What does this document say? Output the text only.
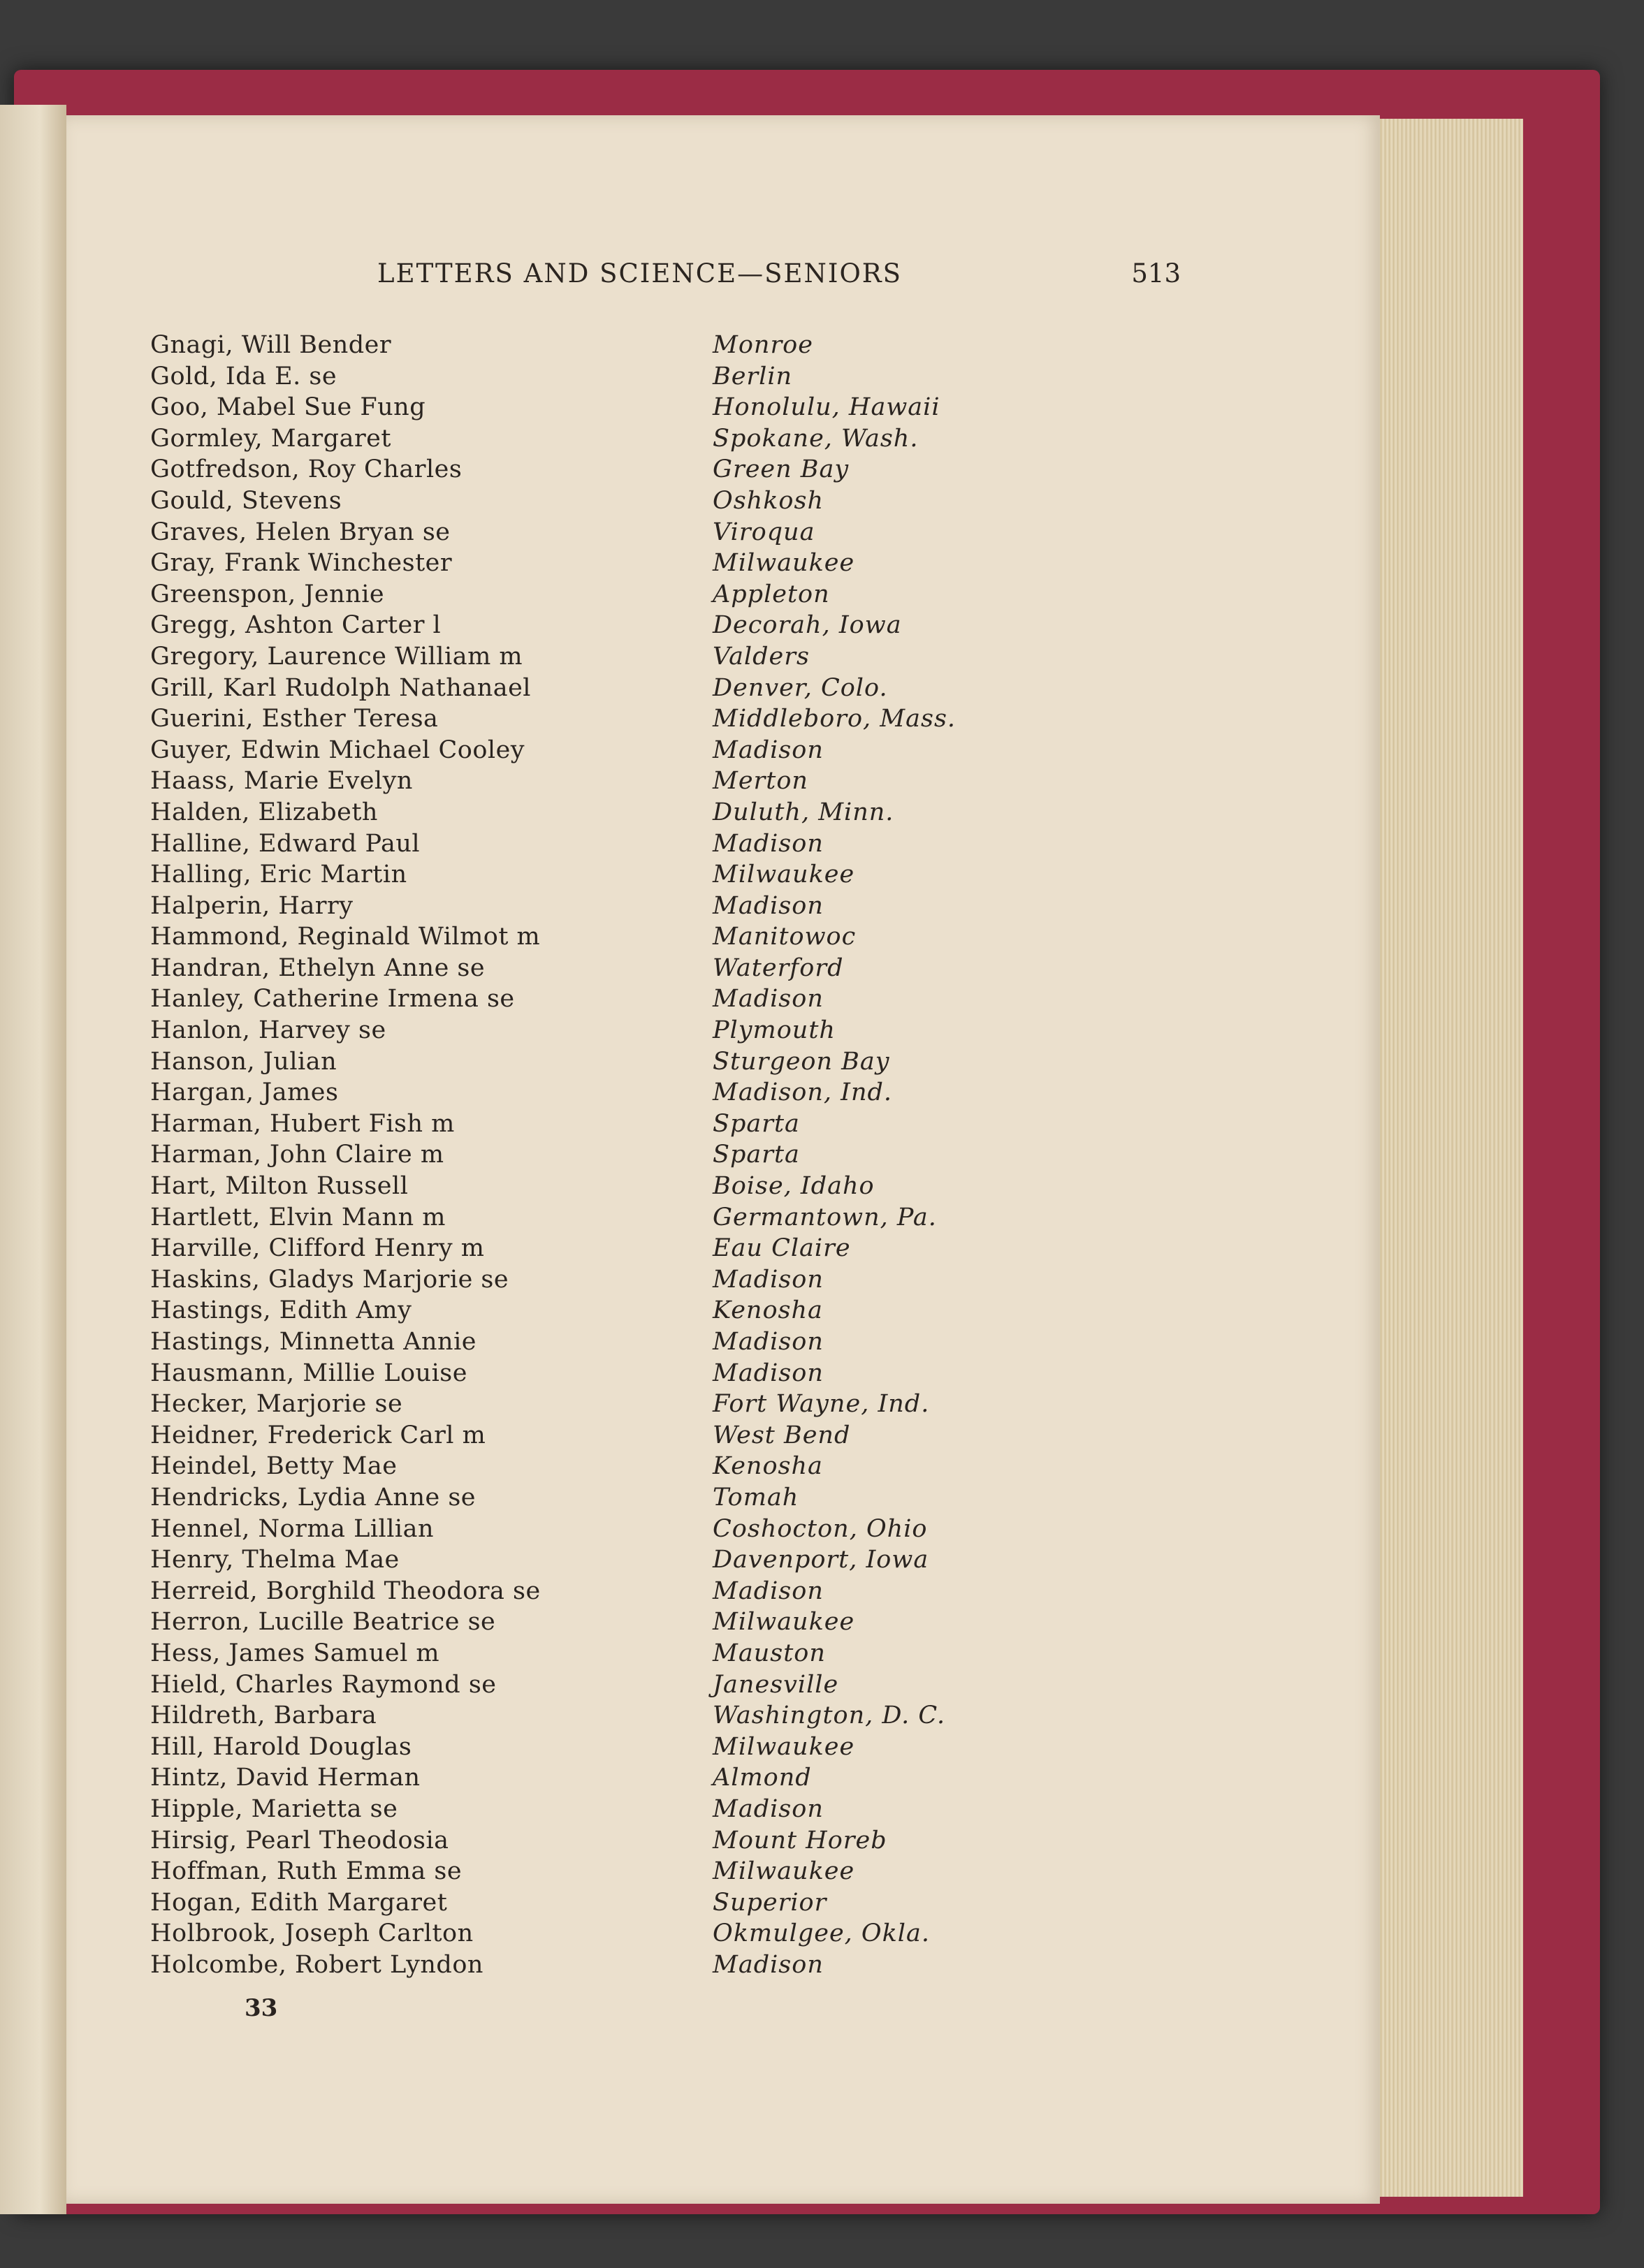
LETTERS AND SCIENCE—SENIORS	513
Gnagi, Will Bender	Monroe
Gold, Ida E. se	Berlin
Goo, Mabel Sue Fung	Honolulu, Hawaii
Gormley, Margaret	Spokane, Wash.
Gotfredson, Roy Charles	Green Bay
Gould, Stevens	Oshkosh
Graves, Helen Bryan se	Viroqua
Gray, Frank Winchester	Milwaukee
Greenspon, Jennie	Appleton
Gregg, Ashton Carter l	Decorah, Iowa
Gregory, Laurence William m	Valders
Grill, Karl Rudolph Nathanael	Denver, Colo.
Guerini, Esther Teresa	Middleboro, Mass.
Guyer, Edwin Michael Cooley	Madison
Haass, Marie Evelyn	Merton
Halden, Elizabeth	Duluth, Minn.
Halline, Edward Paul	Madison
Halling, Eric Martin	Milwaukee
Halperin, Harry	Madison
Hammond, Reginald Wilmot m	Manitowoc
Handran, Ethelyn Anne se	Waterford
Hanley, Catherine Irmena se	Madison
Hanlon, Harvey se	Plymouth
Hanson, Julian	Sturgeon Bay
Hargan, James	Madison, Ind.
Harman, Hubert Fish m	Sparta
Harman, John Claire m	Sparta
Hart, Milton Russell	Boise, Idaho
Hartlett, Elvin Mann m	Germantown, Pa.
Harville, Clifford Henry m	Eau Claire
Haskins, Gladys Marjorie se	Madison
Hastings, Edith Amy	Kenosha
Hastings, Minnetta Annie	Madison
Hausmann, Millie Louise	Madison
Hecker, Marjorie se	Fort Wayne, Ind.
Heidner, Frederick Carl m	West Bend
Heindel, Betty Mae	Kenosha
Hendricks, Lydia Anne se	Tomah
Hennel, Norma Lillian	Coshocton, Ohio
Henry, Thelma Mae	Davenport, Iowa
Herreid, Borghild Theodora se	Madison
Herron, Lucille Beatrice se	Milwaukee
Hess, James Samuel m	Mauston
Hield, Charles Raymond se	Janesville
Hildreth, Barbara	Washington, D. C.
Hill, Harold Douglas	Milwaukee
Hintz, David Herman	Almond
Hipple, Marietta se	Madison
Hirsig, Pearl Theodosia	Mount Horeb
Hoffman, Ruth Emma se	Milwaukee
Hogan, Edith Margaret	Superior
Holbrook, Joseph Carlton	Okmulgee, Okla.
Holcombe, Robert Lyndon	Madison
33
